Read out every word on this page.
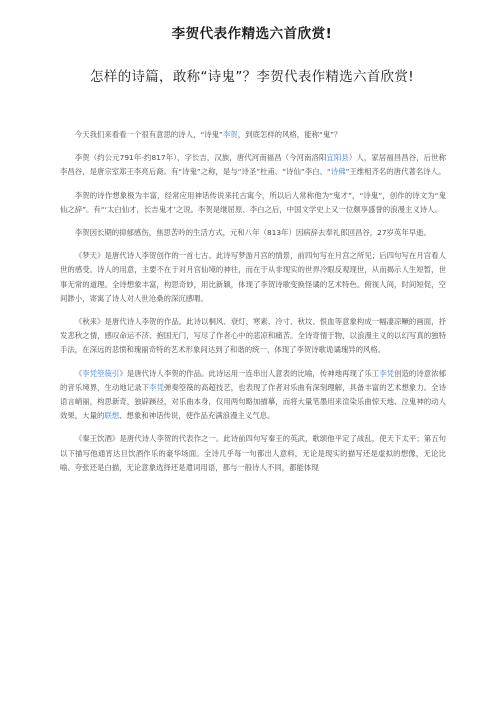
李贺代表作精选六首欣赏!
怎样的诗篇，敢称“诗鬼”？李贺代表作精选六首欣赏!

今天我们来看看一个很有意思的诗人，“诗鬼”李贺，到底怎样的风格，能称“鬼”？

李贺（约公元791年-约817年），字长吉，汉族，唐代河南福昌（今河南洛阳宜阳县）人，家居福昌昌谷，后世称李昌谷，是唐宗室郑王李亮后裔。有“诗鬼”之称，是与“诗圣”杜甫、“诗仙”李白、“诗佛”王维相齐名的唐代著名诗人。

李贺的诗作想象极为丰富，经常应用神话传说来托古寓今，所以后人常称他为“鬼才”，“诗鬼”，创作的诗文为“鬼仙之辞”。有“‘太白仙才，长吉鬼才’之说。李贺是继屈原、李白之后，中国文学史上又一位颇享盛誉的浪漫主义诗人。

李贺因长期的抑郁感伤，焦思苦吟的生活方式，元和八年（813年）因病辞去奉礼郎回昌谷，27岁英年早逝。

《梦天》是唐代诗人李贺创作的一首七古。此诗写梦游月宫的情景，前四句写在月宫之所见；后四句写在月宫看人世的感受。诗人的用意，主要不在于对月宫仙境的神往，而在于从非现实的世界冷眼反观现世，从而揭示人生短暂，世事无常的道理。全诗想象丰富，构思奇妙，用比新颖，体现了李贺诗歌变换怪谲的艺术特色。俯视人间，时间短促，空间渺小，寄寓了诗人对人世沧桑的深沉感喟。

《秋来》是唐代诗人李贺的作品。此诗以桐风、衰灯、寒素、冷寸、秋坟、恨血等意象构成一幅凄凉鳜的画面，抒发悲秋之情，感叹命运不济、抱国无门，写尽了作者心中的悲凉和痛苦。全诗奇情于物，以浪漫主义的以幻写真的独特手法，在深远的悲愤和瑰丽奇特的艺术形象间达到了和谐的统一，体现了李贺诗歌诡谲瑰异的风格。

《李凭箜篌引》是唐代诗人李贺的作品。此诗运用一连串出人意表的比喻，传神地再现了乐工李凭创造的诗意浓郁的音乐境界，生动地记录下李凭弹奏箜篌的高超技艺，也表现了作者对乐曲有深刻理解，具备丰富的艺术想象力。全诗语言峭丽，构思新奇，独辟蹊径，对乐曲本身，仅用两句略加描摹，而将大量笔墨用来渲染乐曲惊天地、泣鬼神的动人效果，大量的联想、想象和神话传说，使作品充满浪漫主义气息。

《秦王饮酒》是唐代诗人李贺的代表作之一。此诗前四句写秦王的英武，歌颂他平定了战乱，使天下太平；第五句以下描写他通宵达旦饮酒作乐的豪华场面。全诗几乎每一句都出人意料，无论是现实的描写还是虚拟的想像，无论比喻、夸张还是白描，无论意象选择还是遣词用语，都与一般诗人不同，都能体现
